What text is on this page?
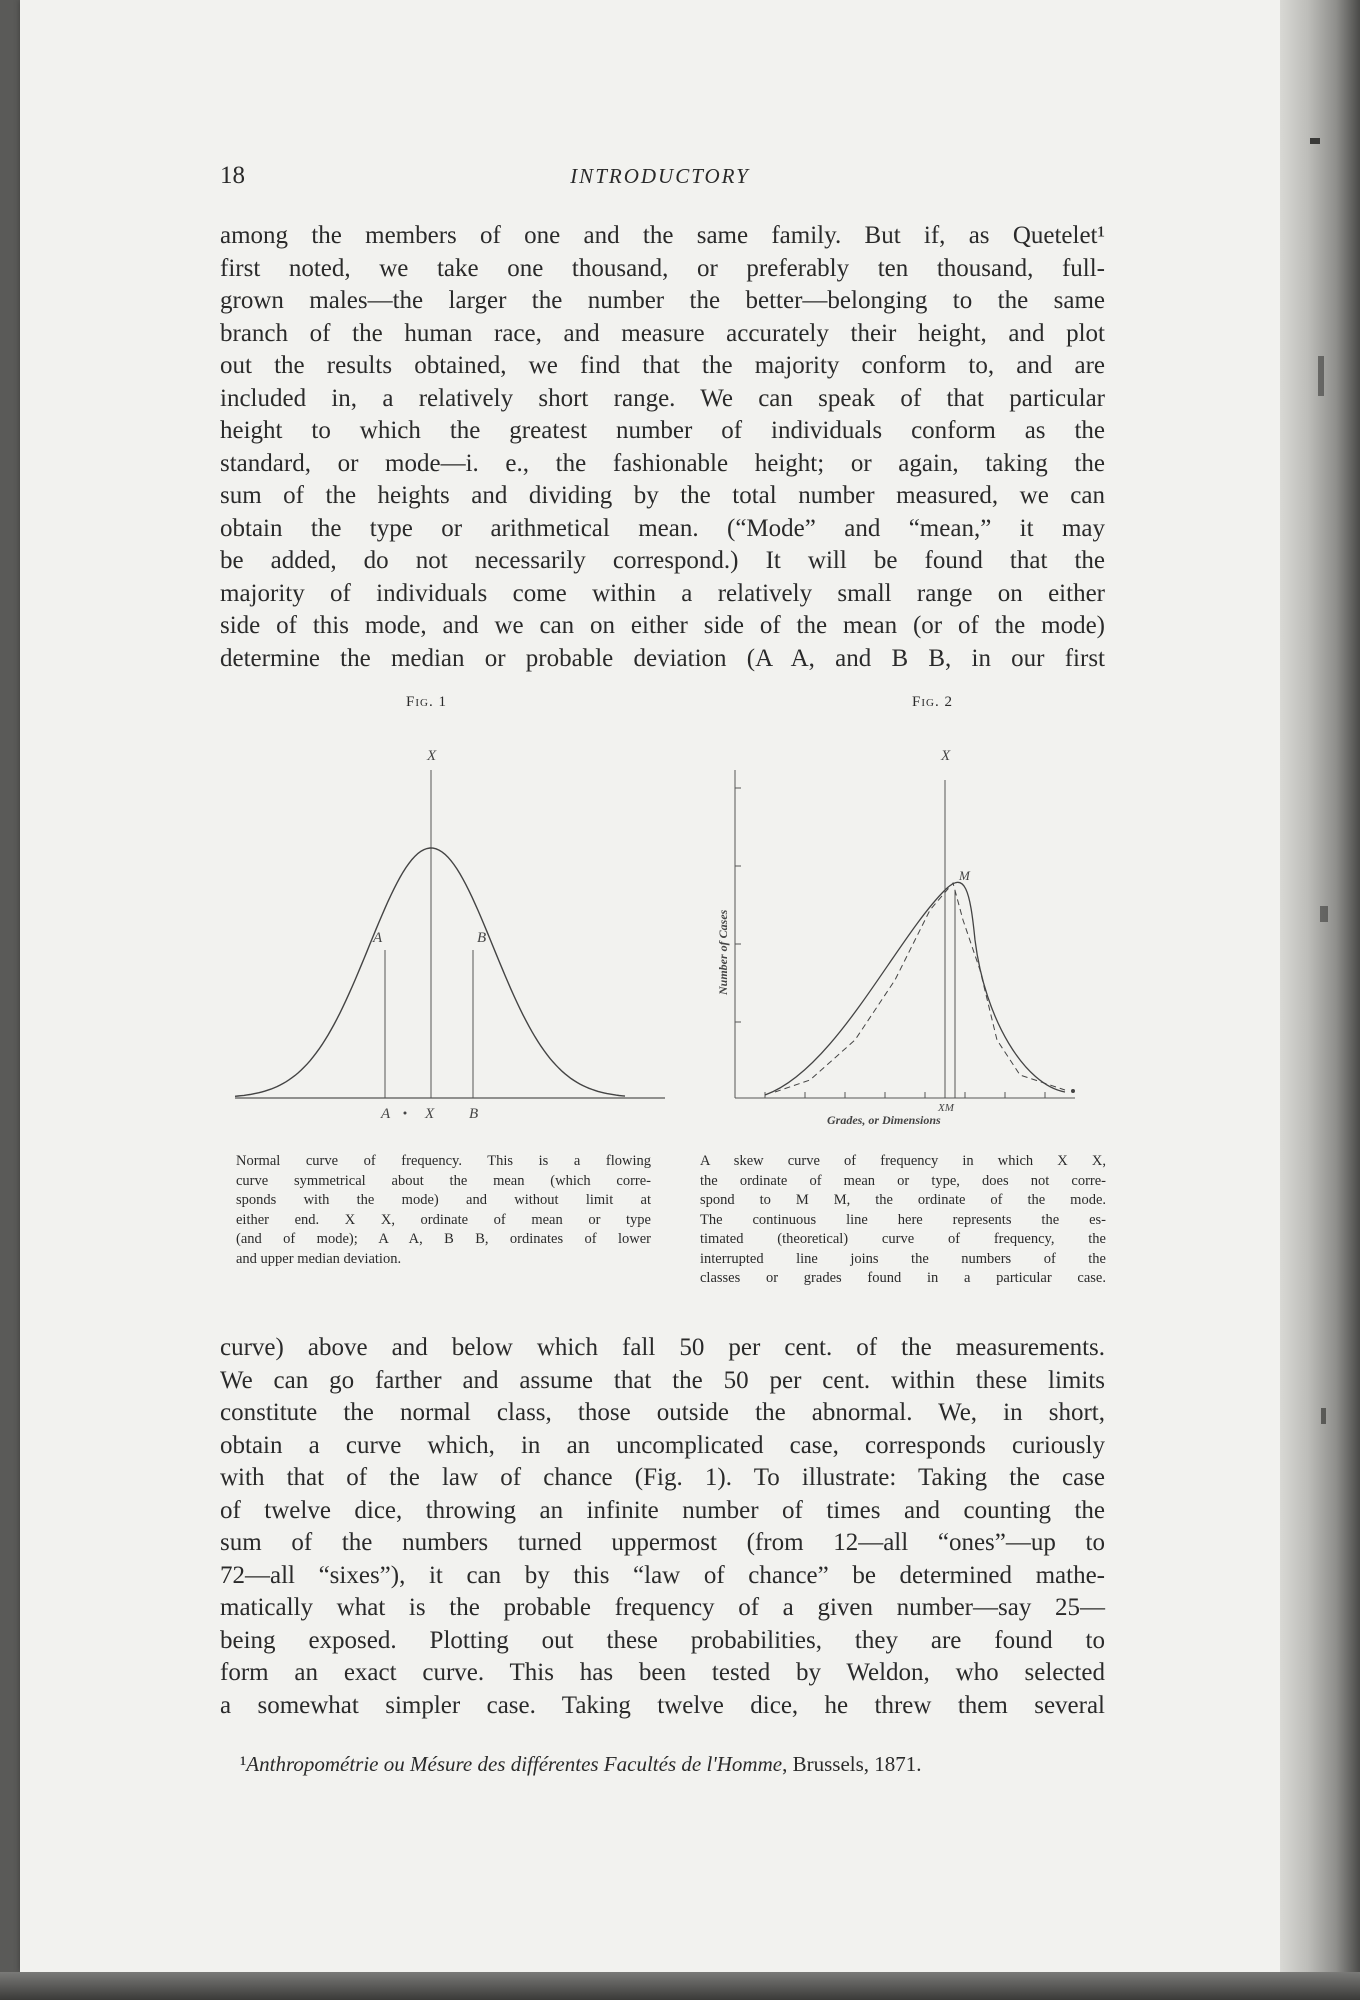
18	INTRODUCTORY
among the members of one and the same family. But if, as Quetelet¹
first noted, we take one thousand, or preferably ten thousand, full-
grown males—the larger the number the better—belonging to the same
branch of the human race, and measure accurately their height, and plot
out the results obtained, we find that the majority conform to, and are
included in, a relatively short range. We can speak of that particular
height to which the greatest number of individuals conform as the
standard, or mode—i. e., the fashionable height; or again, taking the
sum of the heights and dividing by the total number measured, we can
obtain the type or arithmetical mean. (“Mode” and “mean,” it may
be added, do not necessarily correspond.) It will be found that the
majority of individuals come within a relatively small range on either
side of this mode, and we can on either side of the mean (or of the mode)
determine the median or probable deviation (A A, and B B, in our first
Fig. 1
X
A	B
A X B
Normal curve of frequency. This is a flowing
curve symmetrical about the mean (which corre-
sponds with the mode) and without limit at
either end. X X, ordinate of mean or type
(and of mode); A A, B B, ordinates of lower
and upper median deviation.
Fig. 2
X
M
XM
Grades, or Dimensions
Number of Cases
A skew curve of frequency in which X X,
the ordinate of mean or type, does not corre-
spond to M M, the ordinate of the mode.
The continuous line here represents the es-
timated (theoretical) curve of frequency, the
interrupted line joins the numbers of the
classes or grades found in a particular case.
curve) above and below which fall 50 per cent. of the measurements.
We can go farther and assume that the 50 per cent. within these limits
constitute the normal class, those outside the abnormal. We, in short,
obtain a curve which, in an uncomplicated case, corresponds curiously
with that of the law of chance (Fig. 1). To illustrate: Taking the case
of twelve dice, throwing an infinite number of times and counting the
sum of the numbers turned uppermost (from 12—all “ones”—up to
72—all “sixes”), it can by this “law of chance” be determined mathe-
matically what is the probable frequency of a given number—say 25—
being exposed. Plotting out these probabilities, they are found to
form an exact curve. This has been tested by Weldon, who selected
a somewhat simpler case. Taking twelve dice, he threw them several
¹Anthropométrie ou Mésure des différentes Facultés de l'Homme, Brussels, 1871.
